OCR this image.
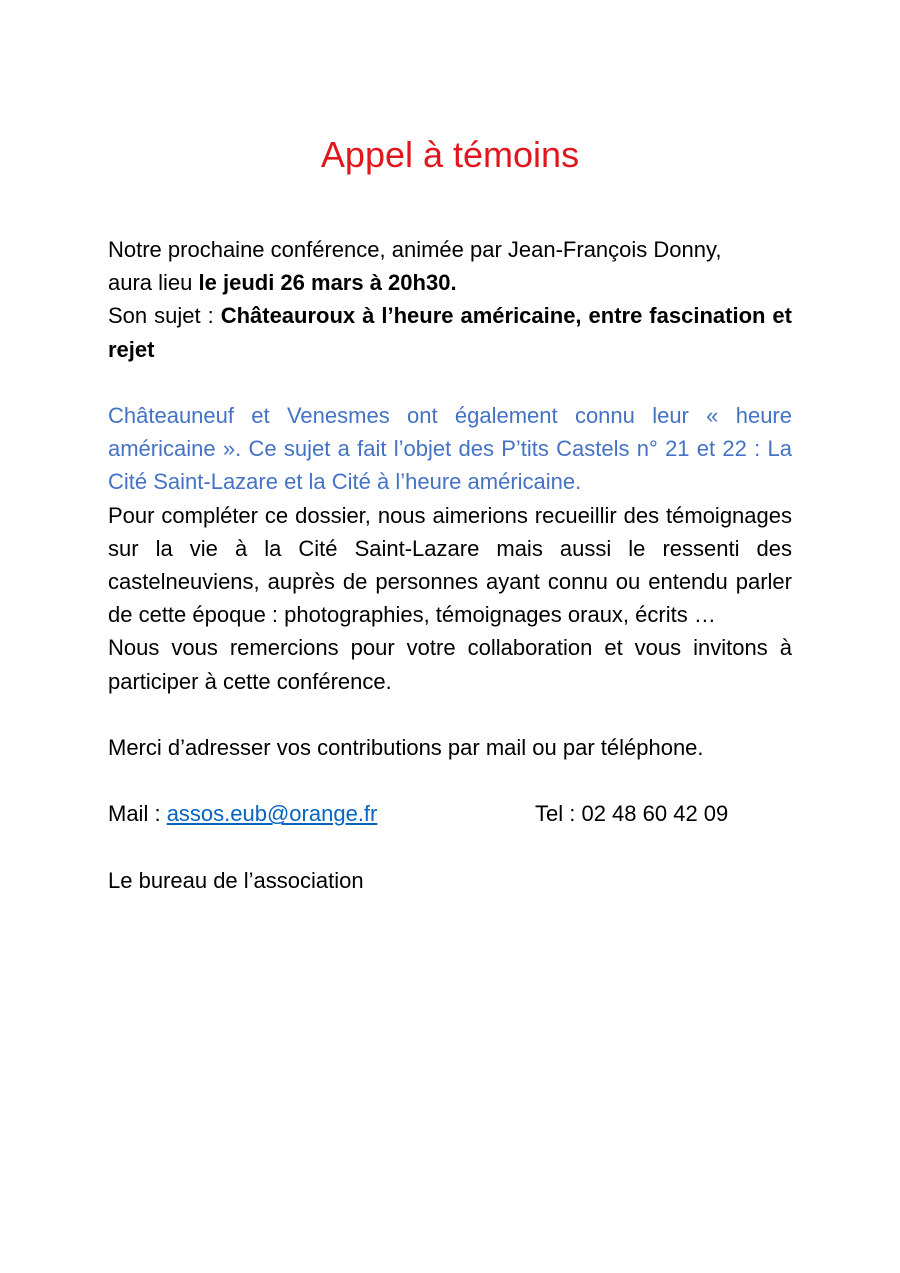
Appel à témoins

Notre prochaine conférence, animée par Jean-François Donny,

aura lieu le jeudi 26 mars à 20h30.

Son sujet : Châteauroux à l’heure américaine, entre fascination et rejet

Châteauneuf et Venesmes ont également connu leur « heure américaine ». Ce sujet a fait l’objet des P’tits Castels n° 21 et 22 : La Cité Saint-Lazare et la Cité à l’heure américaine.

Pour compléter ce dossier, nous aimerions recueillir des témoignages sur la vie à la Cité Saint-Lazare mais aussi le ressenti des castelneuviens, auprès de personnes ayant connu ou entendu parler de cette époque : photographies, témoignages oraux, écrits …

Nous vous remercions pour votre collaboration et vous invitons à participer à cette conférence.

Merci d’adresser vos contributions par mail ou par téléphone.

Mail : assos.eub@orange.fr	Tel : 02 48 60 42 09

Le bureau de l’association
